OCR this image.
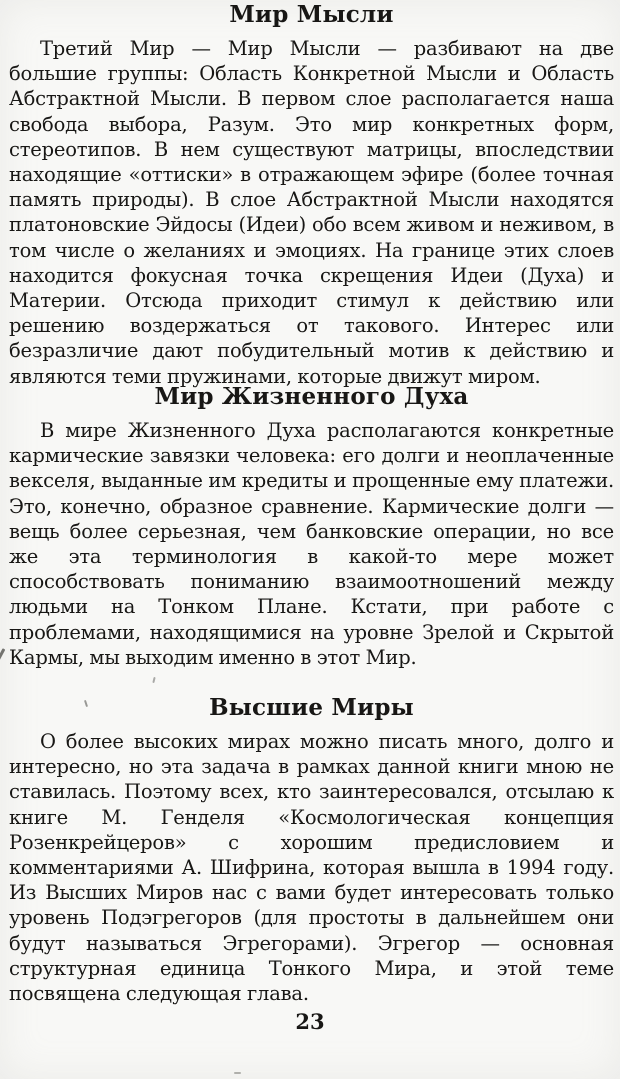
Мир Мысли

Третий Мир — Мир Мысли — разбивают на две большие группы: Область Конкретной Мысли и Область Абстрактной Мысли. В первом слое располагается наша свобода выбора, Разум. Это мир конкретных форм, стереотипов. В нем существуют матрицы, впоследствии находящие «оттиски» в отражающем эфире (более точная память природы). В слое Абстрактной Мысли находятся платоновские Эйдосы (Идеи) обо всем живом и неживом, в том числе о желаниях и эмоциях. На границе этих слоев находится фокусная точка скрещения Идеи (Духа) и Материи. Отсюда приходит стимул к действию или решению воздержаться от такового. Интерес или безразличие дают побудительный мотив к действию и являются теми пружинами, которые движут миром.

Мир Жизненного Духа

В мире Жизненного Духа располагаются конкретные кармические завязки человека: его долги и неоплаченные векселя, выданные им кредиты и прощенные ему платежи. Это, конечно, образное сравнение. Кармические долги — вещь более серьезная, чем банковские операции, но все же эта терминология в какой-то мере может способствовать пониманию взаимоотношений между людьми на Тонком Плане. Кстати, при работе с проблемами, находящимися на уровне Зрелой и Скрытой Кармы, мы выходим именно в этот Мир.

Высшие Миры

О более высоких мирах можно писать много, долго и интересно, но эта задача в рамках данной книги мною не ставилась. Поэтому всех, кто заинтересовался, отсылаю к книге М. Генделя «Космологическая концепция Розенкрейцеров» с хорошим предисловием и комментариями А. Шифрина, которая вышла в 1994 году. Из Высших Миров нас с вами будет интересовать только уровень Подэгрегоров (для простоты в дальнейшем они будут называться Эгрегорами). Эгрегор — основная структурная единица Тонкого Мира, и этой теме посвящена следующая глава.

23
